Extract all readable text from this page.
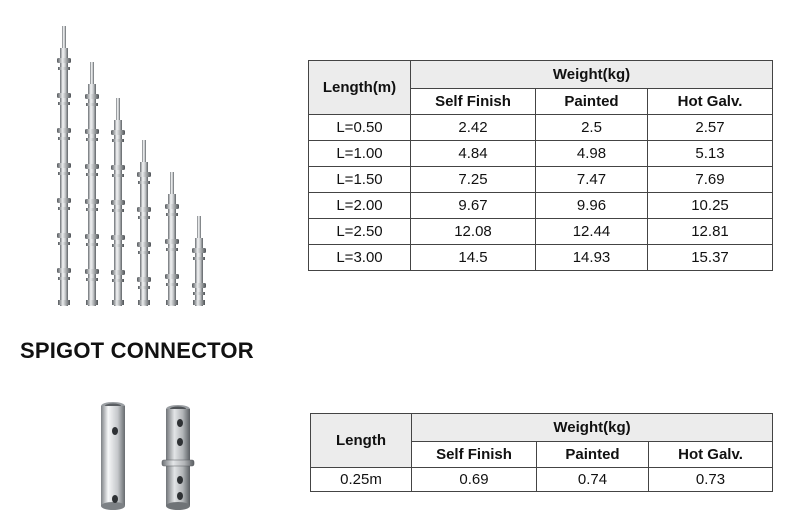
Length(m)	Weight(kg)		
	Self Finish	Painted	Hot Galv.
L=0.50	2.42	2.5	2.57
L=1.00	4.84	4.98	5.13
L=1.50	7.25	7.47	7.69
L=2.00	9.67	9.96	10.25
L=2.50	12.08	12.44	12.81
L=3.00	14.5	14.93	15.37
SPIGOT CONNECTOR
Length	Weight(kg)		
	Self Finish	Painted	Hot Galv.
0.25m	0.69	0.74	0.73
